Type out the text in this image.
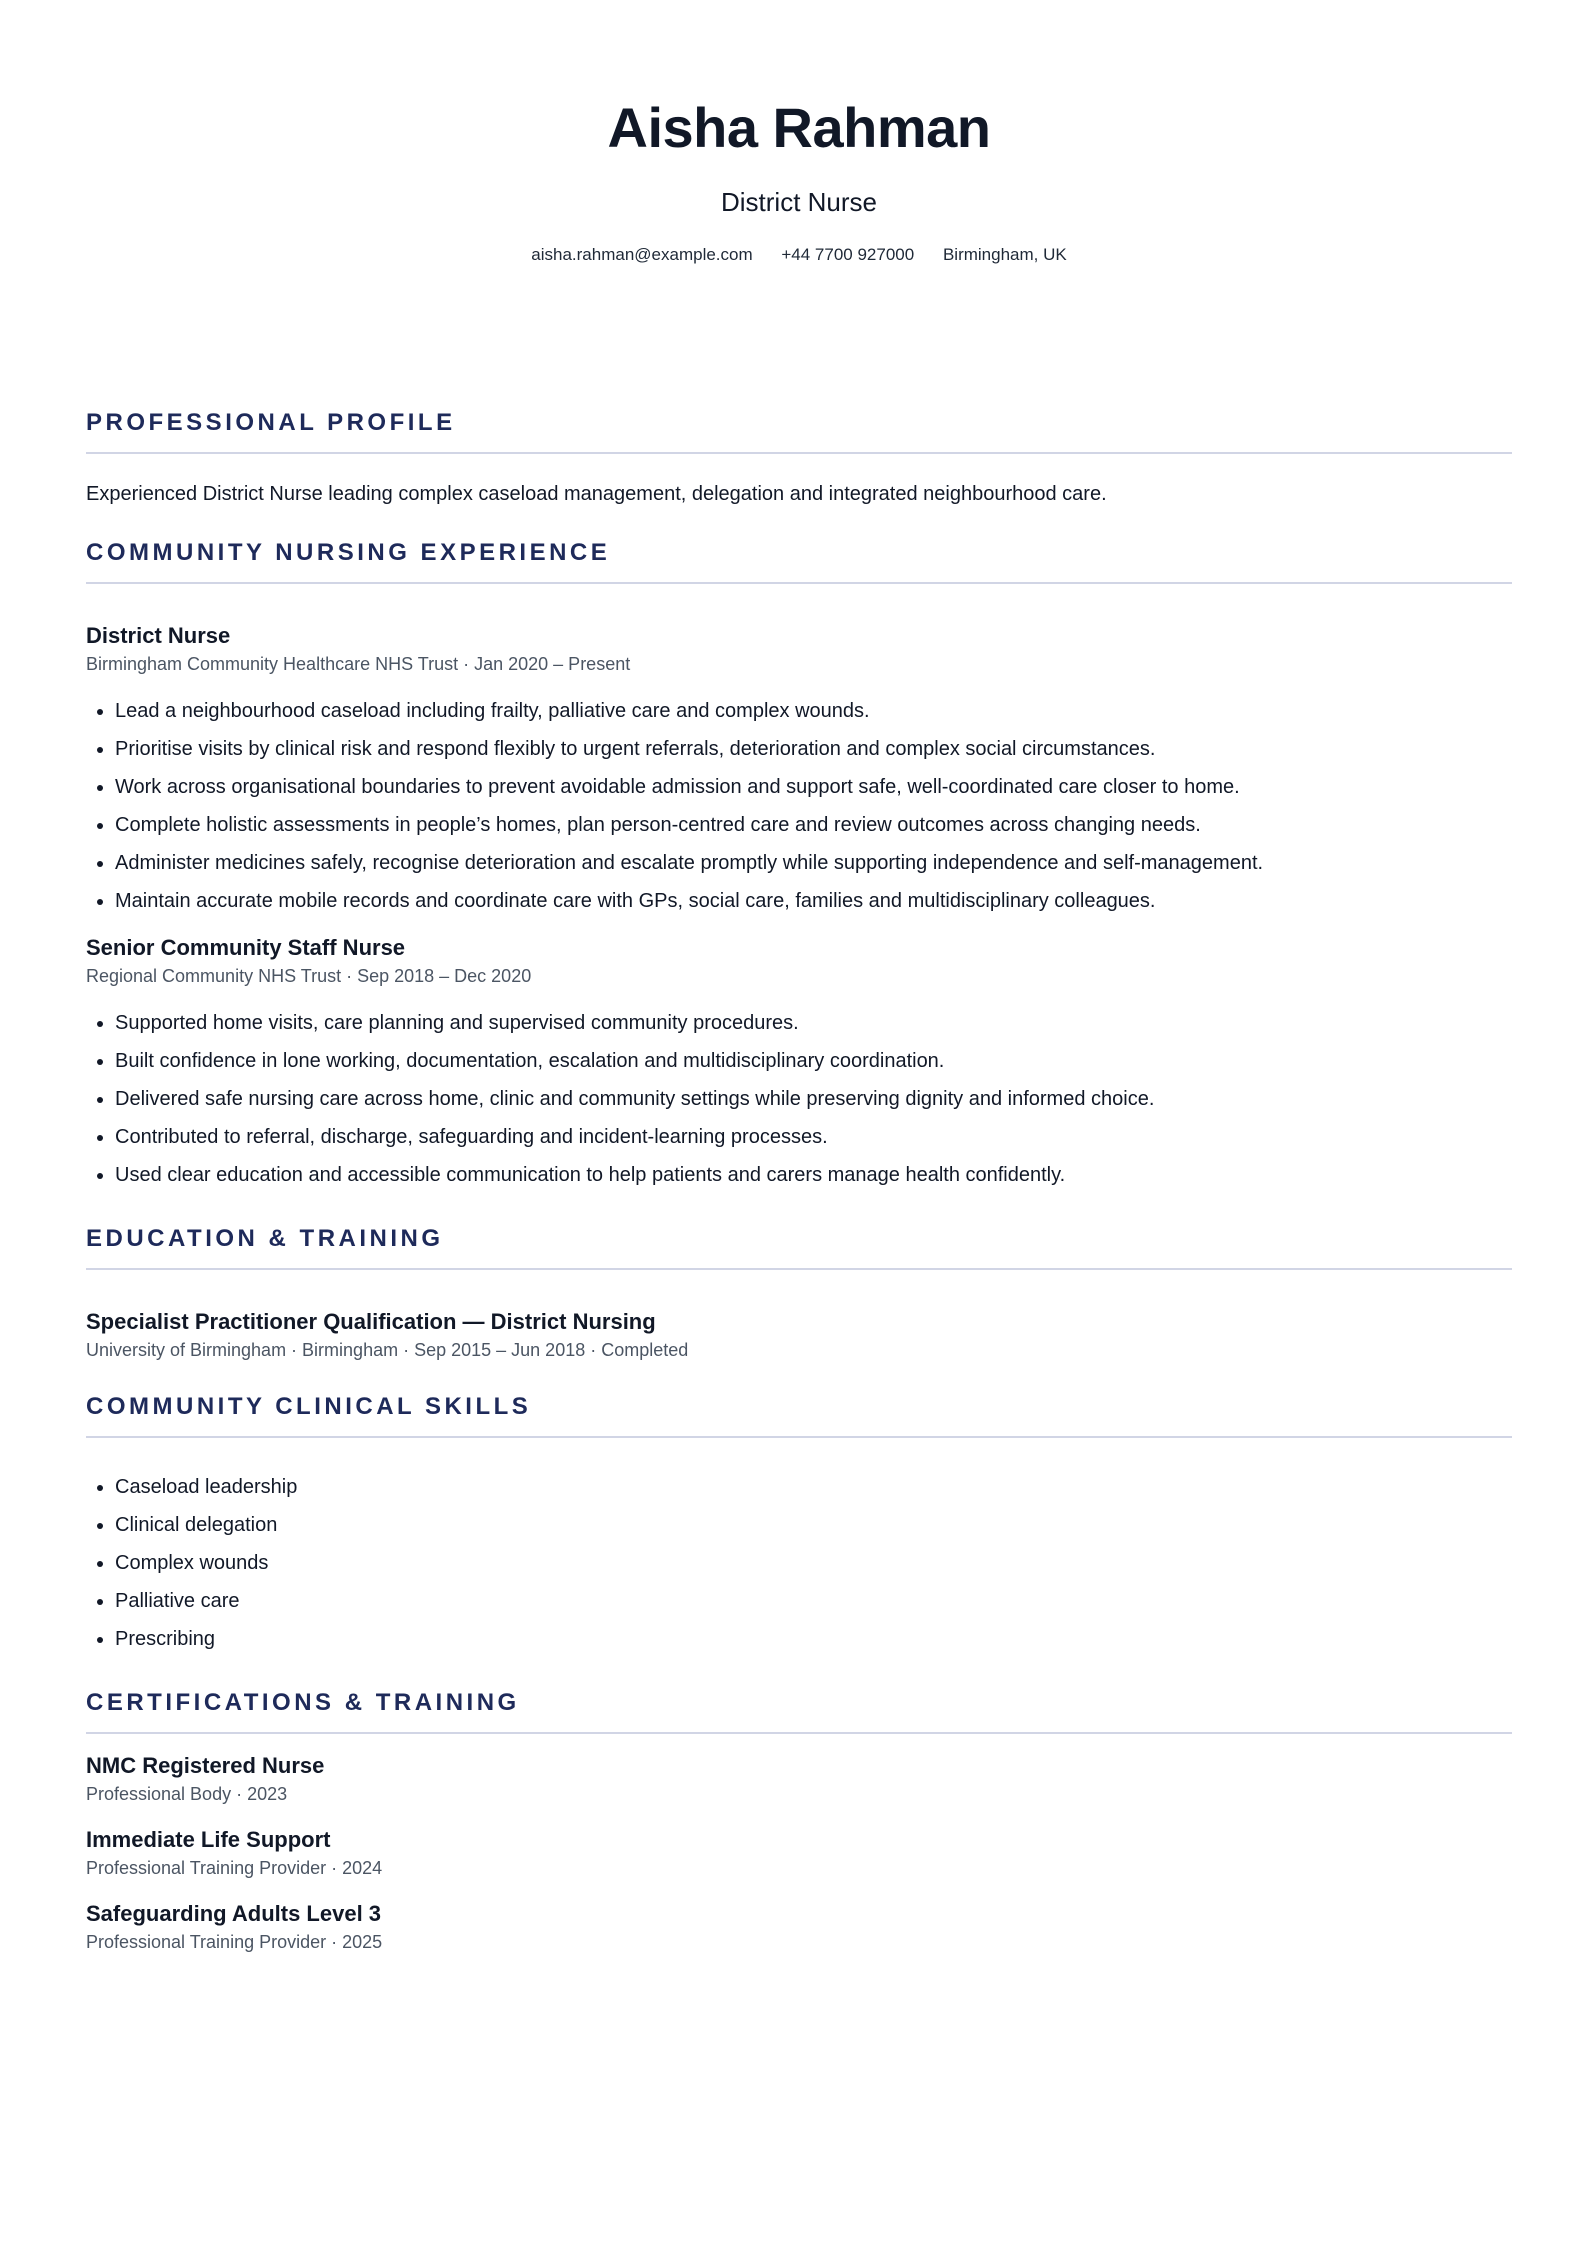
Aisha Rahman
District Nurse
aisha.rahman@example.com +44 7700 927000 Birmingham, UK
PROFESSIONAL PROFILE
Experienced District Nurse leading complex caseload management, delegation and integrated neighbourhood care.
COMMUNITY NURSING EXPERIENCE
District Nurse
Birmingham Community Healthcare NHS Trust · Jan 2020 – Present
• Lead a neighbourhood caseload including frailty, palliative care and complex wounds.
• Prioritise visits by clinical risk and respond flexibly to urgent referrals, deterioration and complex social circumstances.
• Work across organisational boundaries to prevent avoidable admission and support safe, well-coordinated care closer to home.
• Complete holistic assessments in people’s homes, plan person-centred care and review outcomes across changing needs.
• Administer medicines safely, recognise deterioration and escalate promptly while supporting independence and self-management.
• Maintain accurate mobile records and coordinate care with GPs, social care, families and multidisciplinary colleagues.
Senior Community Staff Nurse
Regional Community NHS Trust · Sep 2018 – Dec 2020
• Supported home visits, care planning and supervised community procedures.
• Built confidence in lone working, documentation, escalation and multidisciplinary coordination.
• Delivered safe nursing care across home, clinic and community settings while preserving dignity and informed choice.
• Contributed to referral, discharge, safeguarding and incident-learning processes.
• Used clear education and accessible communication to help patients and carers manage health confidently.
EDUCATION & TRAINING
Specialist Practitioner Qualification — District Nursing
University of Birmingham · Birmingham · Sep 2015 – Jun 2018 · Completed
COMMUNITY CLINICAL SKILLS
• Caseload leadership
• Clinical delegation
• Complex wounds
• Palliative care
• Prescribing
CERTIFICATIONS & TRAINING
NMC Registered Nurse
Professional Body · 2023
Immediate Life Support
Professional Training Provider · 2024
Safeguarding Adults Level 3
Professional Training Provider · 2025
